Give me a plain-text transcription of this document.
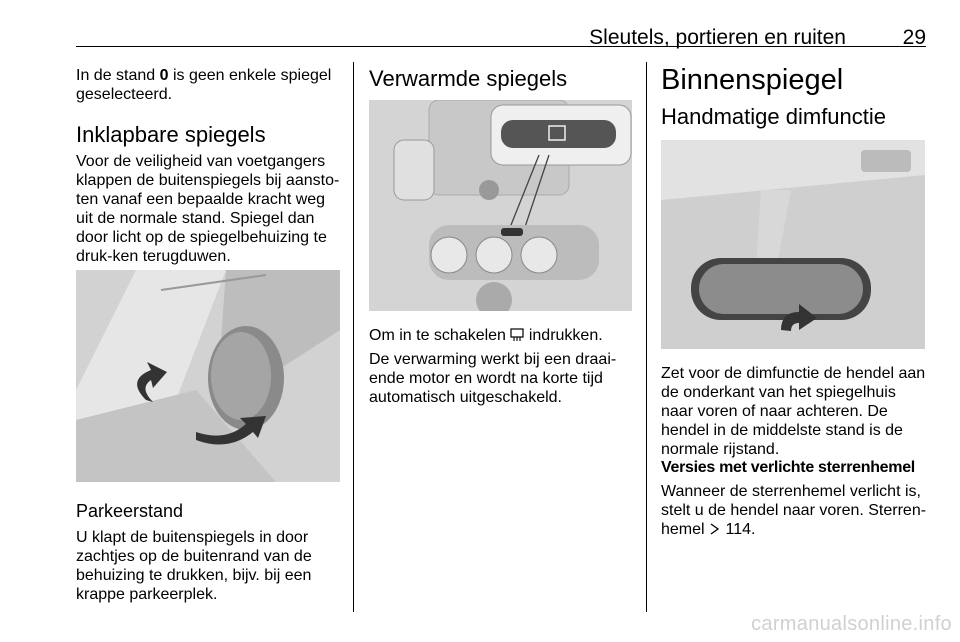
Sleutels, portieren en ruiten	29

In de stand 0 is geen enkele spiegel geselecteerd.

Inklapbare spiegels

Voor de veiligheid van voetgangers klappen de buitenspiegels bij aansto-ten vanaf een bepaalde kracht weg uit de normale stand. Spiegel dan door licht op de spiegelbehuizing te druk-ken terugduwen.

Parkeerstand

U klapt de buitenspiegels in door zachtjes op de buitenrand van de behuizing te drukken, bijv. bij een krappe parkeerplek.

Verwarmde spiegels

Om in te schakelen  indrukken.

De verwarming werkt bij een draai-ende motor en wordt na korte tijd automatisch uitgeschakeld.

Binnenspiegel
Handmatige dimfunctie

Zet voor de dimfunctie de hendel aan de onderkant van het spiegelhuis naar voren of naar achteren. De hendel in de middelste stand is de normale rijstand.

Versies met verlichte sterrenhemel

Wanneer de sterrenhemel verlicht is, stelt u de hendel naar voren. Sterren-hemel  114.

carmanualsonline.info
